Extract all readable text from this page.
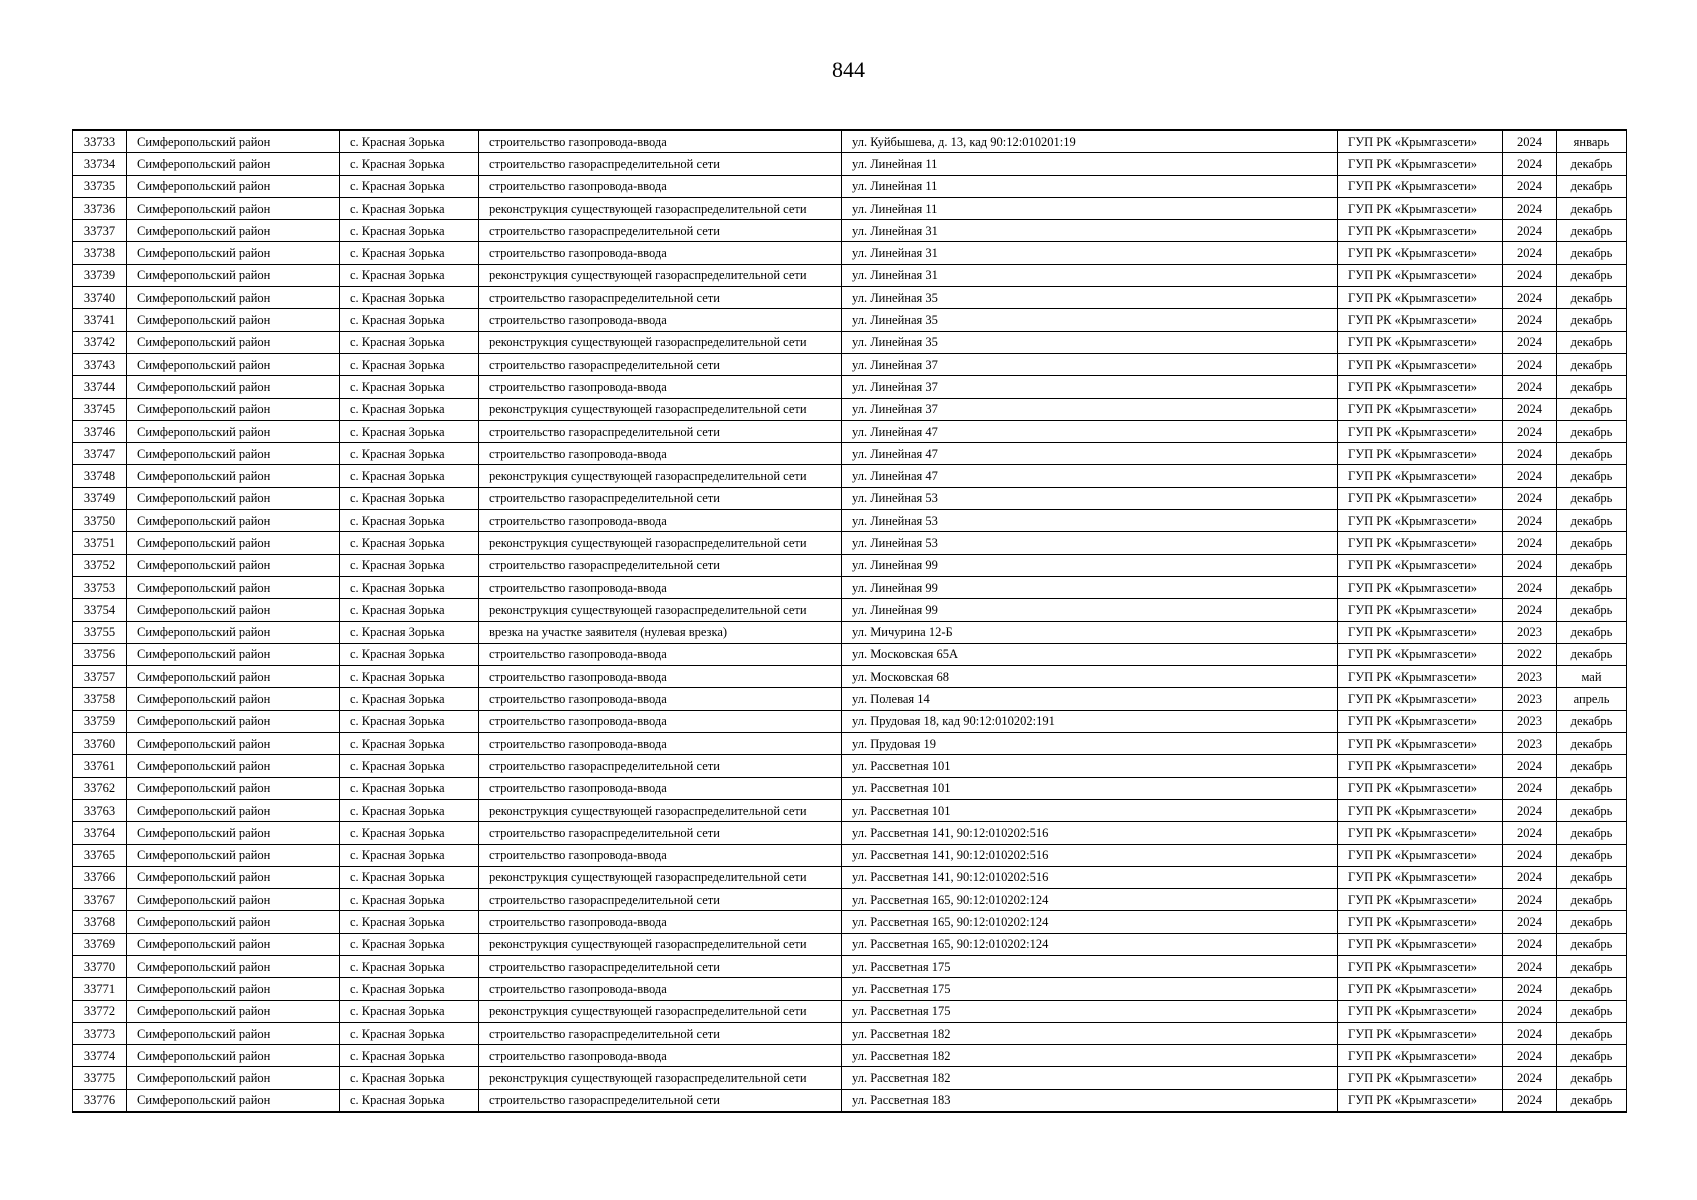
844
33733	Симферопольский район	с. Красная Зорька	строительство газопровода-ввода	ул. Куйбышева, д. 13, кад 90:12:010201:19	ГУП РК «Крымгазсети»	2024	январь
33734	Симферопольский район	с. Красная Зорька	строительство газораспределительной сети	ул. Линейная 11	ГУП РК «Крымгазсети»	2024	декабрь
33735	Симферопольский район	с. Красная Зорька	строительство газопровода-ввода	ул. Линейная 11	ГУП РК «Крымгазсети»	2024	декабрь
33736	Симферопольский район	с. Красная Зорька	реконструкция существующей газораспределительной сети	ул. Линейная 11	ГУП РК «Крымгазсети»	2024	декабрь
33737	Симферопольский район	с. Красная Зорька	строительство газораспределительной сети	ул. Линейная 31	ГУП РК «Крымгазсети»	2024	декабрь
33738	Симферопольский район	с. Красная Зорька	строительство газопровода-ввода	ул. Линейная 31	ГУП РК «Крымгазсети»	2024	декабрь
33739	Симферопольский район	с. Красная Зорька	реконструкция существующей газораспределительной сети	ул. Линейная 31	ГУП РК «Крымгазсети»	2024	декабрь
33740	Симферопольский район	с. Красная Зорька	строительство газораспределительной сети	ул. Линейная 35	ГУП РК «Крымгазсети»	2024	декабрь
33741	Симферопольский район	с. Красная Зорька	строительство газопровода-ввода	ул. Линейная 35	ГУП РК «Крымгазсети»	2024	декабрь
33742	Симферопольский район	с. Красная Зорька	реконструкция существующей газораспределительной сети	ул. Линейная 35	ГУП РК «Крымгазсети»	2024	декабрь
33743	Симферопольский район	с. Красная Зорька	строительство газораспределительной сети	ул. Линейная 37	ГУП РК «Крымгазсети»	2024	декабрь
33744	Симферопольский район	с. Красная Зорька	строительство газопровода-ввода	ул. Линейная 37	ГУП РК «Крымгазсети»	2024	декабрь
33745	Симферопольский район	с. Красная Зорька	реконструкция существующей газораспределительной сети	ул. Линейная 37	ГУП РК «Крымгазсети»	2024	декабрь
33746	Симферопольский район	с. Красная Зорька	строительство газораспределительной сети	ул. Линейная 47	ГУП РК «Крымгазсети»	2024	декабрь
33747	Симферопольский район	с. Красная Зорька	строительство газопровода-ввода	ул. Линейная 47	ГУП РК «Крымгазсети»	2024	декабрь
33748	Симферопольский район	с. Красная Зорька	реконструкция существующей газораспределительной сети	ул. Линейная 47	ГУП РК «Крымгазсети»	2024	декабрь
33749	Симферопольский район	с. Красная Зорька	строительство газораспределительной сети	ул. Линейная 53	ГУП РК «Крымгазсети»	2024	декабрь
33750	Симферопольский район	с. Красная Зорька	строительство газопровода-ввода	ул. Линейная 53	ГУП РК «Крымгазсети»	2024	декабрь
33751	Симферопольский район	с. Красная Зорька	реконструкция существующей газораспределительной сети	ул. Линейная 53	ГУП РК «Крымгазсети»	2024	декабрь
33752	Симферопольский район	с. Красная Зорька	строительство газораспределительной сети	ул. Линейная 99	ГУП РК «Крымгазсети»	2024	декабрь
33753	Симферопольский район	с. Красная Зорька	строительство газопровода-ввода	ул. Линейная 99	ГУП РК «Крымгазсети»	2024	декабрь
33754	Симферопольский район	с. Красная Зорька	реконструкция существующей газораспределительной сети	ул. Линейная 99	ГУП РК «Крымгазсети»	2024	декабрь
33755	Симферопольский район	с. Красная Зорька	врезка на участке заявителя (нулевая врезка)	ул. Мичурина 12-Б	ГУП РК «Крымгазсети»	2023	декабрь
33756	Симферопольский район	с. Красная Зорька	строительство газопровода-ввода	ул. Московская 65А	ГУП РК «Крымгазсети»	2022	декабрь
33757	Симферопольский район	с. Красная Зорька	строительство газопровода-ввода	ул. Московская 68	ГУП РК «Крымгазсети»	2023	май
33758	Симферопольский район	с. Красная Зорька	строительство газопровода-ввода	ул. Полевая 14	ГУП РК «Крымгазсети»	2023	апрель
33759	Симферопольский район	с. Красная Зорька	строительство газопровода-ввода	ул. Прудовая 18, кад 90:12:010202:191	ГУП РК «Крымгазсети»	2023	декабрь
33760	Симферопольский район	с. Красная Зорька	строительство газопровода-ввода	ул. Прудовая 19	ГУП РК «Крымгазсети»	2023	декабрь
33761	Симферопольский район	с. Красная Зорька	строительство газораспределительной сети	ул. Рассветная 101	ГУП РК «Крымгазсети»	2024	декабрь
33762	Симферопольский район	с. Красная Зорька	строительство газопровода-ввода	ул. Рассветная 101	ГУП РК «Крымгазсети»	2024	декабрь
33763	Симферопольский район	с. Красная Зорька	реконструкция существующей газораспределительной сети	ул. Рассветная 101	ГУП РК «Крымгазсети»	2024	декабрь
33764	Симферопольский район	с. Красная Зорька	строительство газораспределительной сети	ул. Рассветная 141, 90:12:010202:516	ГУП РК «Крымгазсети»	2024	декабрь
33765	Симферопольский район	с. Красная Зорька	строительство газопровода-ввода	ул. Рассветная 141, 90:12:010202:516	ГУП РК «Крымгазсети»	2024	декабрь
33766	Симферопольский район	с. Красная Зорька	реконструкция существующей газораспределительной сети	ул. Рассветная 141, 90:12:010202:516	ГУП РК «Крымгазсети»	2024	декабрь
33767	Симферопольский район	с. Красная Зорька	строительство газораспределительной сети	ул. Рассветная 165, 90:12:010202:124	ГУП РК «Крымгазсети»	2024	декабрь
33768	Симферопольский район	с. Красная Зорька	строительство газопровода-ввода	ул. Рассветная 165, 90:12:010202:124	ГУП РК «Крымгазсети»	2024	декабрь
33769	Симферопольский район	с. Красная Зорька	реконструкция существующей газораспределительной сети	ул. Рассветная 165, 90:12:010202:124	ГУП РК «Крымгазсети»	2024	декабрь
33770	Симферопольский район	с. Красная Зорька	строительство газораспределительной сети	ул. Рассветная 175	ГУП РК «Крымгазсети»	2024	декабрь
33771	Симферопольский район	с. Красная Зорька	строительство газопровода-ввода	ул. Рассветная 175	ГУП РК «Крымгазсети»	2024	декабрь
33772	Симферопольский район	с. Красная Зорька	реконструкция существующей газораспределительной сети	ул. Рассветная 175	ГУП РК «Крымгазсети»	2024	декабрь
33773	Симферопольский район	с. Красная Зорька	строительство газораспределительной сети	ул. Рассветная 182	ГУП РК «Крымгазсети»	2024	декабрь
33774	Симферопольский район	с. Красная Зорька	строительство газопровода-ввода	ул. Рассветная 182	ГУП РК «Крымгазсети»	2024	декабрь
33775	Симферопольский район	с. Красная Зорька	реконструкция существующей газораспределительной сети	ул. Рассветная 182	ГУП РК «Крымгазсети»	2024	декабрь
33776	Симферопольский район	с. Красная Зорька	строительство газораспределительной сети	ул. Рассветная 183	ГУП РК «Крымгазсети»	2024	декабрь
